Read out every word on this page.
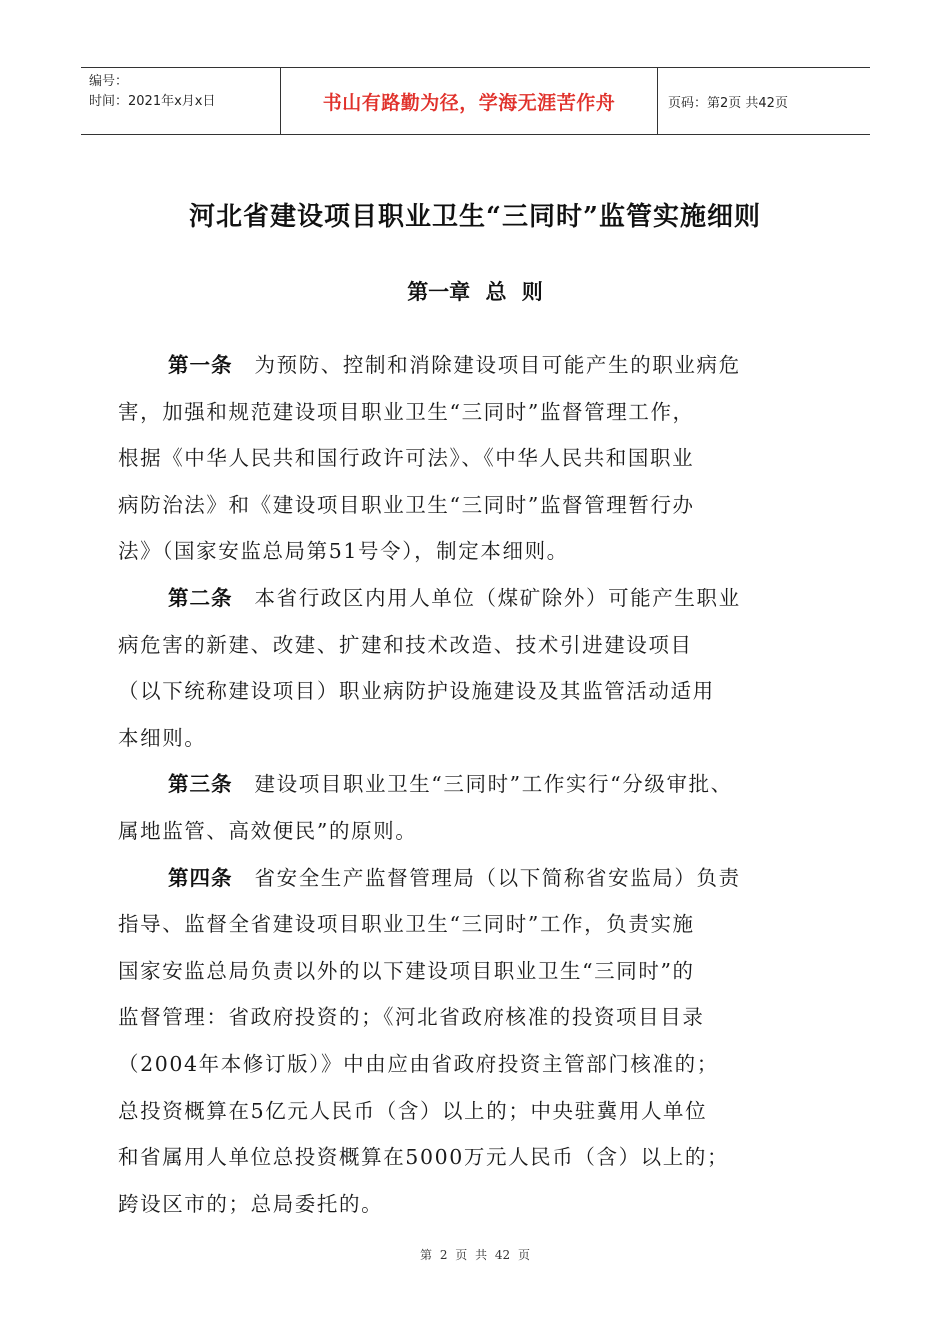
编号：
时间：2021年x月x日	书山有路勤为径，学海无涯苦作舟	页码：第2页 共42页
河北省建设项目职业卫生“三同时”监管实施细则
第一章 总 则
第一条 为预防、控制和消除建设项目可能产生的职业病危
害，加强和规范建设项目职业卫生“三同时”监督管理工作，
根据《中华人民共和国行政许可法》、《中华人民共和国职业
病防治法》和《建设项目职业卫生“三同时”监督管理暂行办
法》（国家安监总局第51号令），制定本细则。
第二条 本省行政区内用人单位（煤矿除外）可能产生职业
病危害的新建、改建、扩建和技术改造、技术引进建设项目
（以下统称建设项目）职业病防护设施建设及其监管活动适用
本细则。
第三条 建设项目职业卫生“三同时”工作实行“分级审批、
属地监管、高效便民”的原则。
第四条 省安全生产监督管理局（以下简称省安监局）负责
指导、监督全省建设项目职业卫生“三同时”工作，负责实施
国家安监总局负责以外的以下建设项目职业卫生“三同时”的
监督管理：省政府投资的；《河北省政府核准的投资项目目录
（2004年本修订版）》中由应由省政府投资主管部门核准的；
总投资概算在5亿元人民币（含）以上的；中央驻冀用人单位
和省属用人单位总投资概算在5000万元人民币（含）以上的；
跨设区市的；总局委托的。
第 2 页 共 42 页
